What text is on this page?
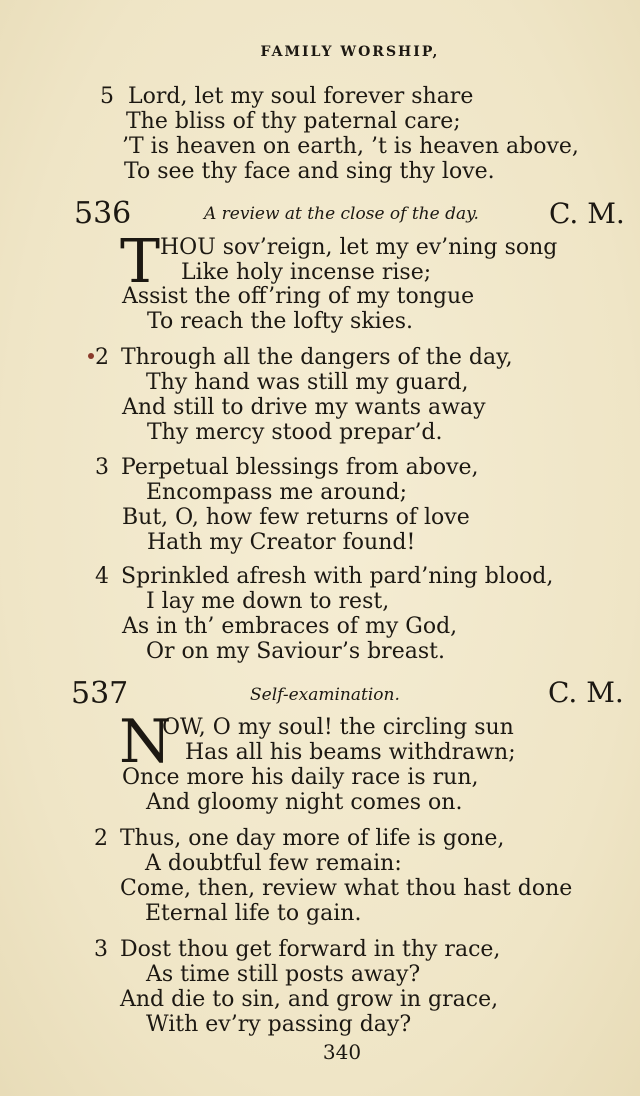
FAMILY WORSHIP,
5 Lord, let my soul forever share
The bliss of thy paternal care;
’T is heaven on earth, ’t is heaven above,
To see thy face and sing thy love.
536	A review at the close of the day.	C. M.
T HOU sov’reign, let my ev’ning song
Like holy incense rise;
Assist the off’ring of my tongue
To reach the lofty skies.
2 Through all the dangers of the day,
Thy hand was still my guard,
And still to drive my wants away
Thy mercy stood prepar’d.
3 Perpetual blessings from above,
Encompass me around;
But, O, how few returns of love
Hath my Creator found!
4 Sprinkled afresh with pard’ning blood,
I lay me down to rest,
As in th’ embraces of my God,
Or on my Saviour’s breast.
537	Self-examination.	C. M.
N
OW, O my soul! the circling sun
Has all his beams withdrawn;
Once more his daily race is run,
And gloomy night comes on.
2 Thus, one day more of life is gone,
A doubtful few remain:
Come, then, review what thou hast done
Eternal life to gain.
3 Dost thou get forward in thy race,
As time still posts away?
And die to sin, and grow in grace,
With ev’ry passing day?
340
